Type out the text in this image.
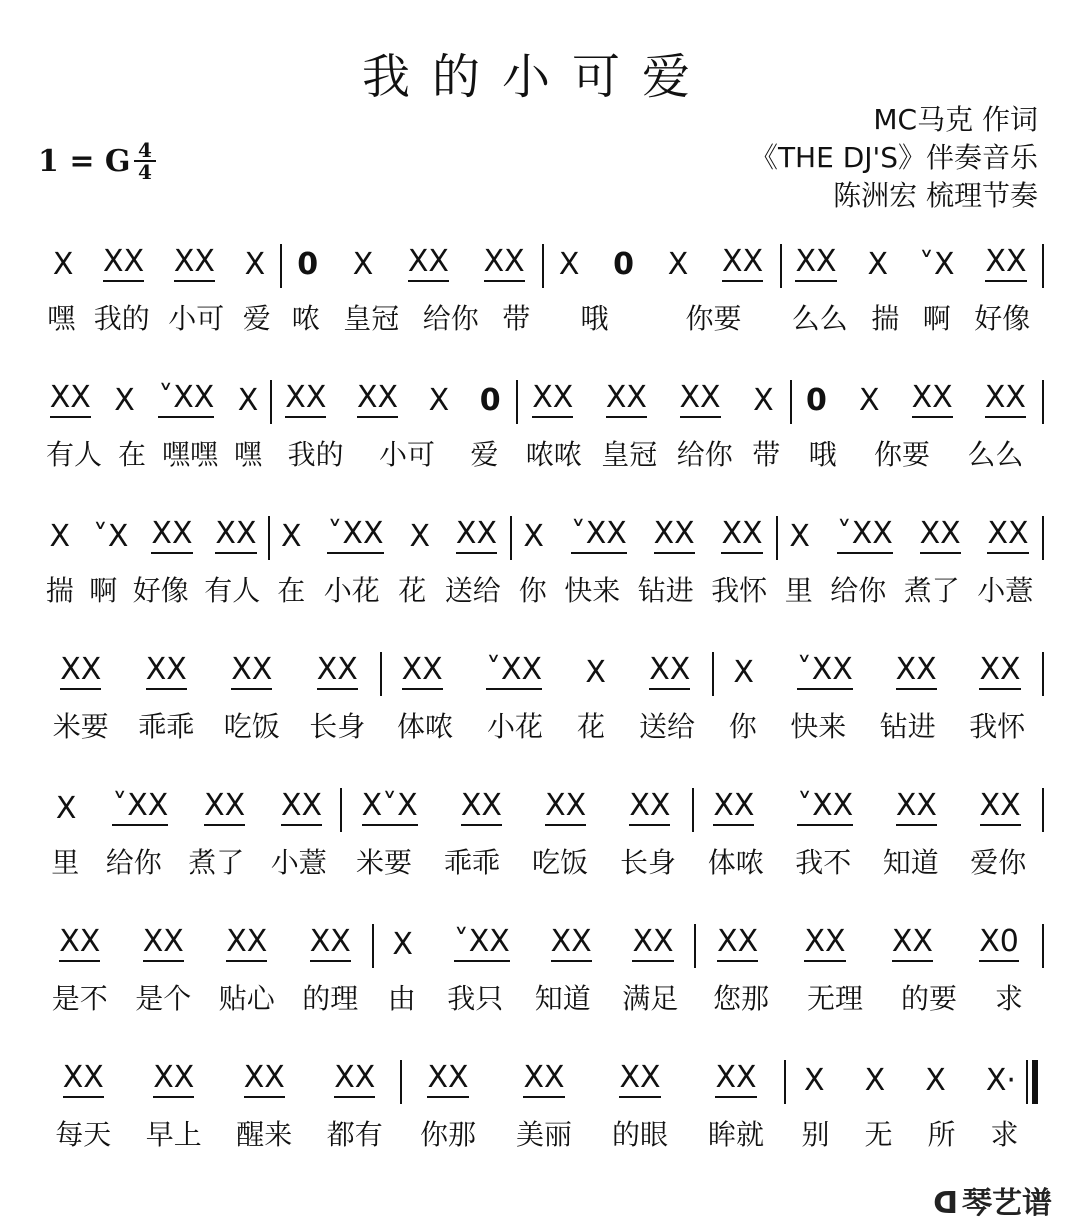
我的小可爱
MC马克 作词
《THE DJ'S》伴奏音乐
陈洲宏 梳理节奏
1 = G 4
4
X XX XX X
嘿 我的 小可 爱
0 X XX XX
哝 皇冠 给你 带
X 0 X XX
哦	你要
XX X ˅X XX
么么 揣 啊 好像
XX X ˅XX X
有人 在 嘿嘿 嘿
XX XX X 0
我的 小可 爱
XX XX XX X
哝哝 皇冠 给你 带
0 X XX XX
哦 你要 么么
X ˅X XX XX
揣 啊 好像 有人
X ˅XX X XX
在 小花 花 送给
X ˅XX XX XX
你 快来 钻进 我怀
X ˅XX XX XX
里 给你 煮了 小薏
XX XX XX XX
米要 乖乖 吃饭 长身
XX ˅XX X XX
体哝 小花 花 送给
X ˅XX XX XX
你 快来 钻进 我怀
X ˅XX XX XX
里 给你 煮了 小薏
X˅X XX XX XX
米要 乖乖 吃饭 长身
XX ˅XX XX XX
体哝 我不 知道 爱你
XX XX XX XX
是不 是个 贴心 的理
X ˅XX XX XX
由 我只 知道 满足
XX XX XX X0
您那 无理 的要 求
XX XX XX XX
每天 早上 醒来 都有
XX XX XX XX
你那 美丽 的眼 眸就
X X X X·
别 无 所 求
ᗡ 琴艺谱
